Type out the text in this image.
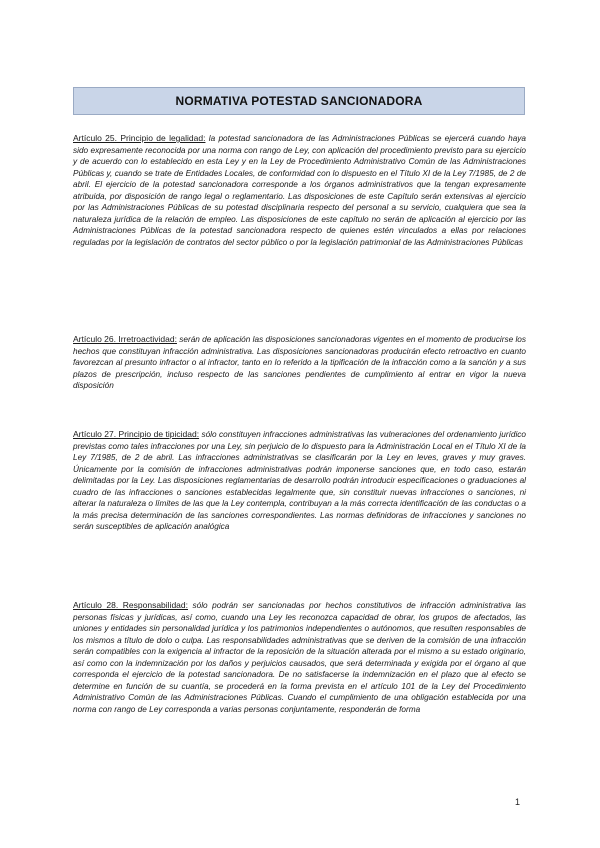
NORMATIVA POTESTAD SANCIONADORA

Artículo 25. Principio de legalidad: la potestad sancionadora de las Administraciones Públicas se ejercerá cuando haya sido expresamente reconocida por una norma con rango de Ley, con aplicación del procedimiento previsto para su ejercicio y de acuerdo con lo establecido en esta Ley y en la Ley de Procedimiento Administrativo Común de las Administraciones Públicas y, cuando se trate de Entidades Locales, de conformidad con lo dispuesto en el Título XI de la Ley 7/1985, de 2 de abril. El ejercicio de la potestad sancionadora corresponde a los órganos administrativos que la tengan expresamente atribuida, por disposición de rango legal o reglamentario. Las disposiciones de este Capítulo serán extensivas al ejercicio por las Administraciones Públicas de su potestad disciplinaria respecto del personal a su servicio, cualquiera que sea la naturaleza jurídica de la relación de empleo. Las disposiciones de este capítulo no serán de aplicación al ejercicio por las Administraciones Públicas de la potestad sancionadora respecto de quienes estén vinculados a ellas por relaciones reguladas por la legislación de contratos del sector público o por la legislación patrimonial de las Administraciones Públicas

Artículo 26. Irretroactividad: serán de aplicación las disposiciones sancionadoras vigentes en el momento de producirse los hechos que constituyan infracción administrativa. Las disposiciones sancionadoras producirán efecto retroactivo en cuanto favorezcan al presunto infractor o al infractor, tanto en lo referido a la tipificación de la infracción como a la sanción y a sus plazos de prescripción, incluso respecto de las sanciones pendientes de cumplimiento al entrar en vigor la nueva disposición

Artículo 27. Principio de tipicidad: sólo constituyen infracciones administrativas las vulneraciones del ordenamiento jurídico previstas como tales infracciones por una Ley, sin perjuicio de lo dispuesto para la Administración Local en el Título XI de la Ley 7/1985, de 2 de abril. Las infracciones administrativas se clasificarán por la Ley en leves, graves y muy graves. Únicamente por la comisión de infracciones administrativas podrán imponerse sanciones que, en todo caso, estarán delimitadas por la Ley. Las disposiciones reglamentarias de desarrollo podrán introducir especificaciones o graduaciones al cuadro de las infracciones o sanciones establecidas legalmente que, sin constituir nuevas infracciones o sanciones, ni alterar la naturaleza o límites de las que la Ley contempla, contribuyan a la más correcta identificación de las conductas o a la más precisa determinación de las sanciones correspondientes. Las normas definidoras de infracciones y sanciones no serán susceptibles de aplicación analógica

Artículo 28. Responsabilidad: sólo podrán ser sancionadas por hechos constitutivos de infracción administrativa las personas físicas y jurídicas, así como, cuando una Ley les reconozca capacidad de obrar, los grupos de afectados, las uniones y entidades sin personalidad jurídica y los patrimonios independientes o autónomos, que resulten responsables de los mismos a título de dolo o culpa. Las responsabilidades administrativas que se deriven de la comisión de una infracción serán compatibles con la exigencia al infractor de la reposición de la situación alterada por el mismo a su estado originario, así como con la indemnización por los daños y perjuicios causados, que será determinada y exigida por el órgano al que corresponda el ejercicio de la potestad sancionadora. De no satisfacerse la indemnización en el plazo que al efecto se determine en función de su cuantía, se procederá en la forma prevista en el artículo 101 de la Ley del Procedimiento Administrativo Común de las Administraciones Públicas. Cuando el cumplimiento de una obligación establecida por una norma con rango de Ley corresponda a varias personas conjuntamente, responderán de forma

1
